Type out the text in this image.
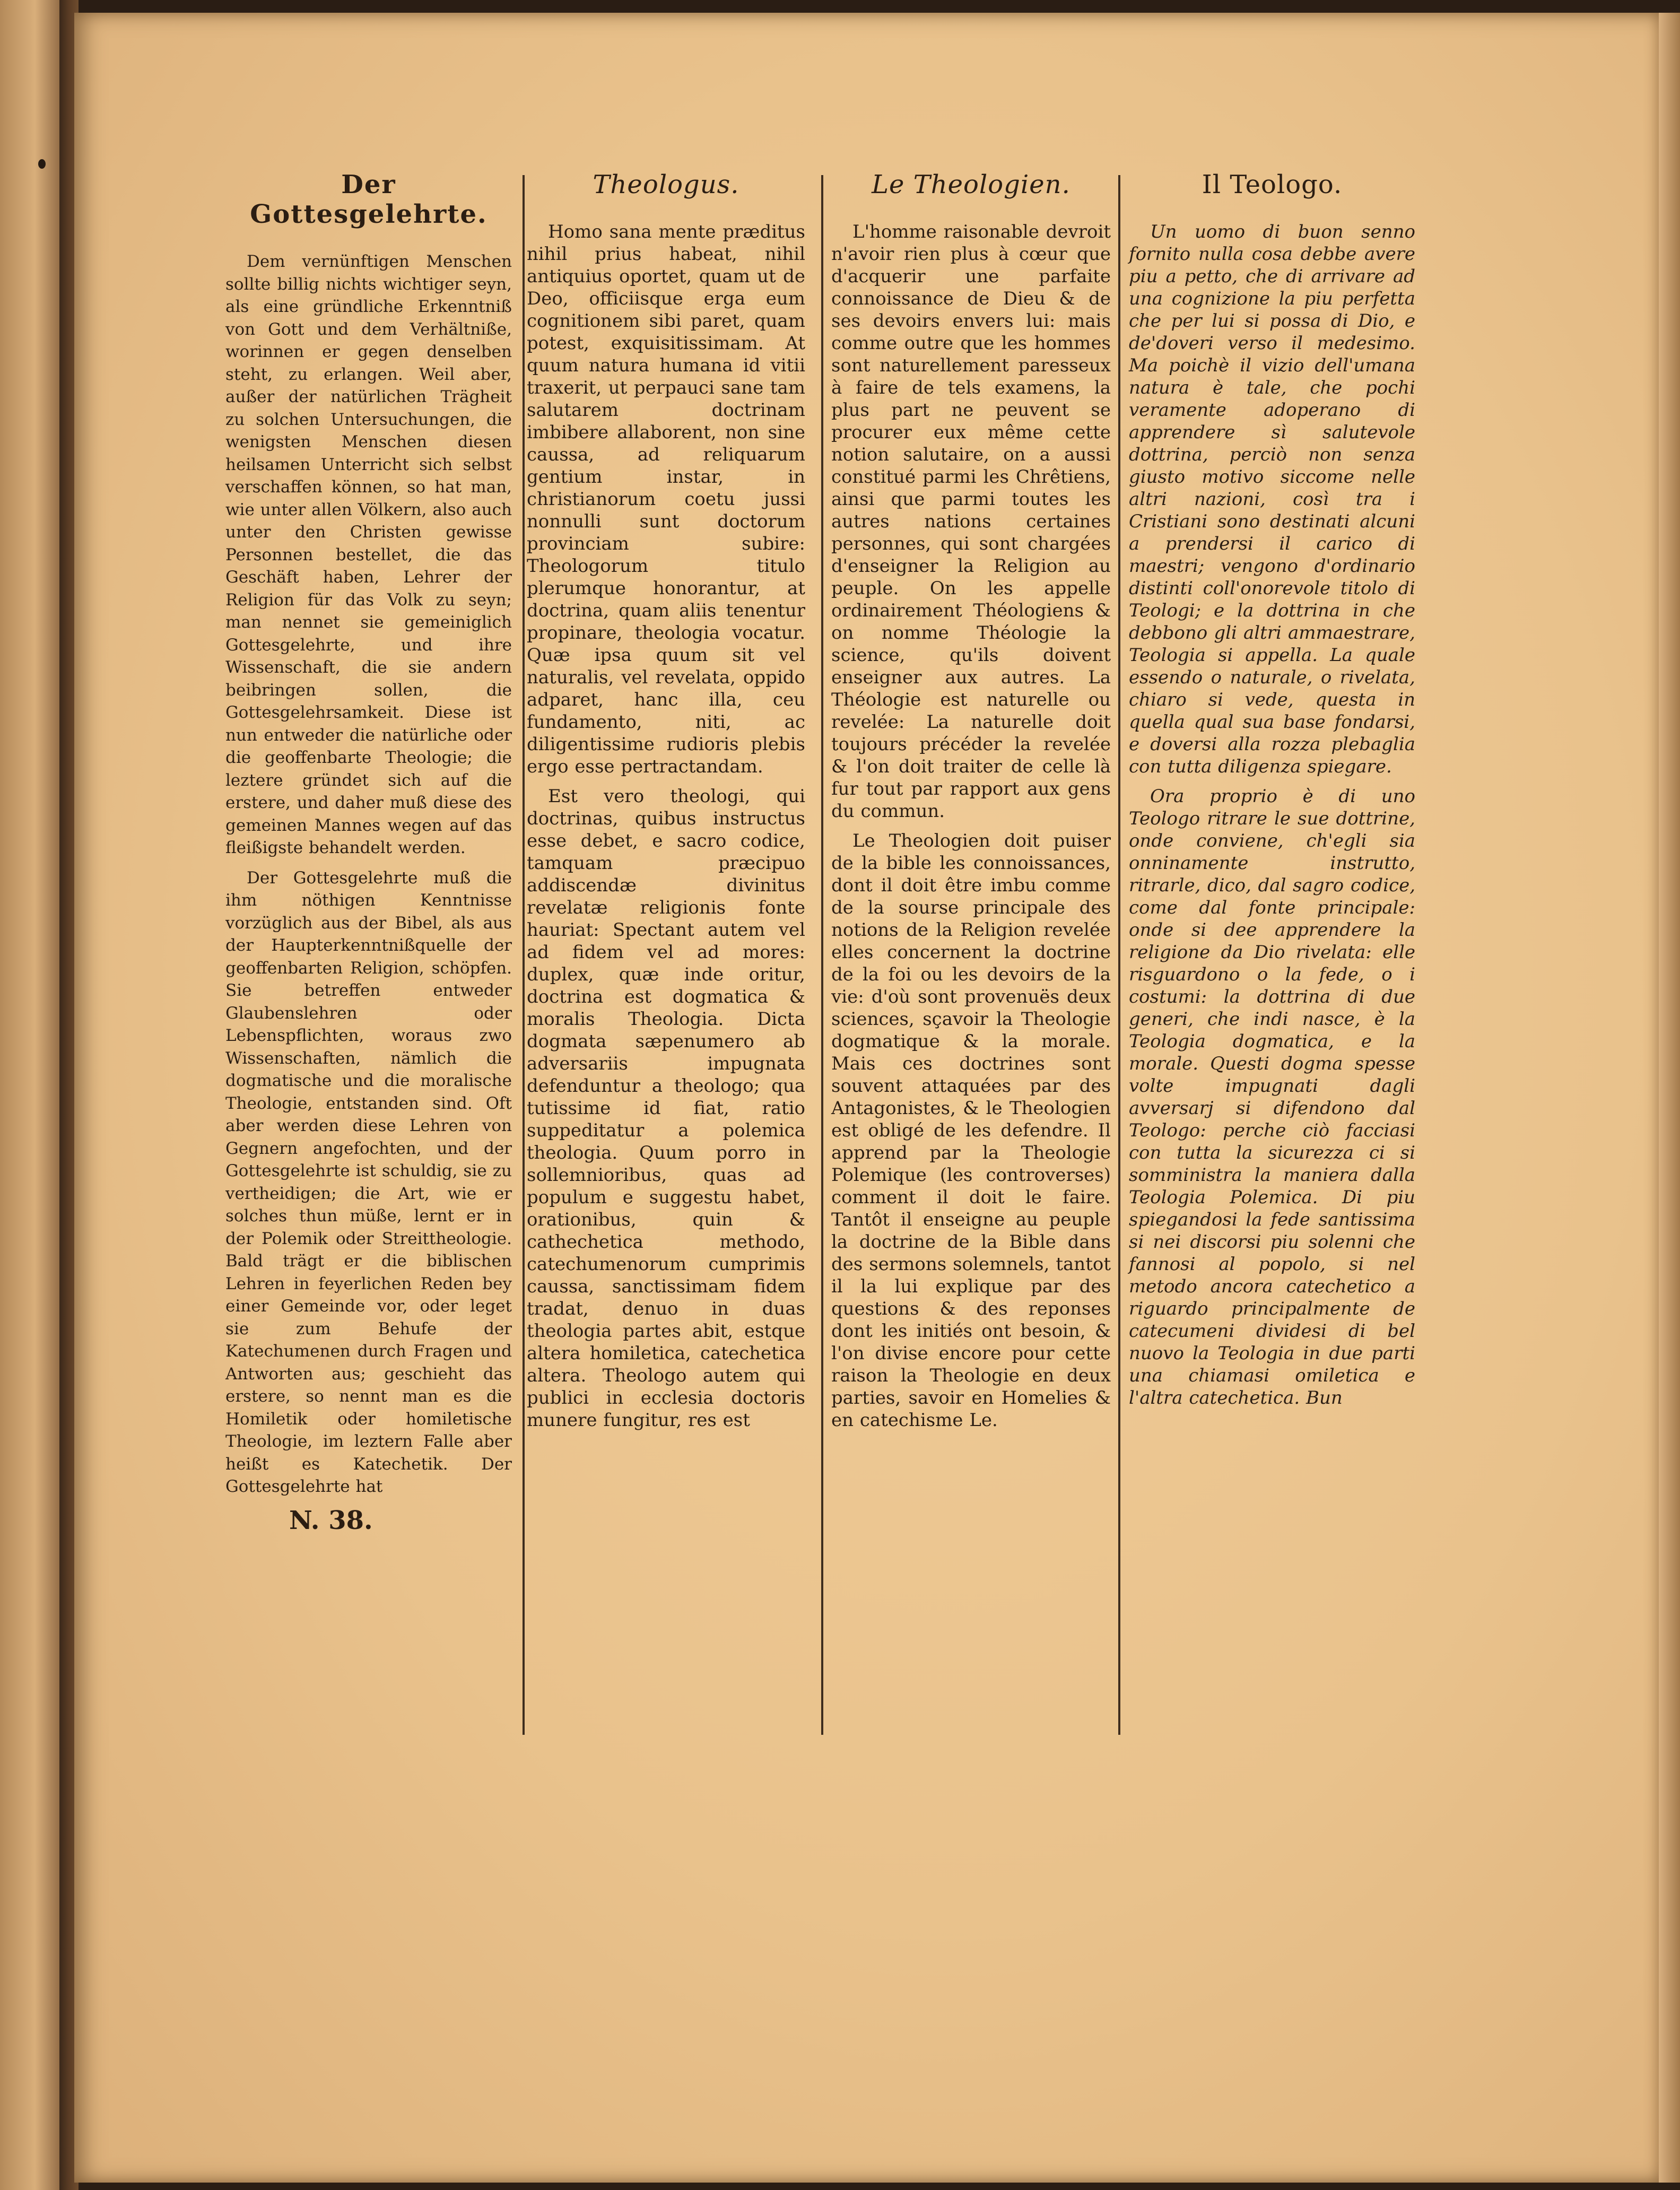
Der Gottesgelehrte.

Dem vernünftigen Menschen sollte billig nichts wichtiger seyn, als eine gründliche Erkenntniß von Gott und dem Verhältniße, worinnen er gegen denselben steht, zu erlangen. Weil aber, außer der natürlichen Trägheit zu solchen Untersuchungen, die wenigsten Menschen diesen heilsamen Unterricht sich selbst verschaffen können, so hat man, wie unter allen Völkern, also auch unter den Christen gewisse Personnen bestellet, die das Geschäft haben, Lehrer der Religion für das Volk zu seyn; man nennet sie gemeiniglich Gottesgelehrte, und ihre Wissenschaft, die sie andern beibringen sollen, die Gottesgelehrsamkeit. Diese ist nun entweder die natürliche oder die geoffenbarte Theologie; die leztere gründet sich auf die erstere, und daher muß diese des gemeinen Mannes wegen auf das fleißigste behandelt werden.

Der Gottesgelehrte muß die ihm nöthigen Kenntnisse vorzüglich aus der Bibel, als aus der Haupterkenntnißquelle der geoffenbarten Religion, schöpfen. Sie betreffen entweder Glaubenslehren oder Lebenspflichten, woraus zwo Wissenschaften, nämlich die dogmatische und die moralische Theologie, entstanden sind. Oft aber werden diese Lehren von Gegnern angefochten, und der Gottesgelehrte ist schuldig, sie zu vertheidigen; die Art, wie er solches thun müße, lernt er in der Polemik oder Streittheologie. Bald trägt er die biblischen Lehren in feyerlichen Reden bey einer Gemeinde vor, oder leget sie zum Behufe der Katechumenen durch Fragen und Antworten aus; geschieht das erstere, so nennt man es die Homiletik oder homiletische Theologie, im leztern Falle aber heißt es Katechetik. Der Gottesgelehrte hat

N. 38.
Theologus.

Homo sana mente præditus nihil prius habeat, nihil antiquius oportet, quam ut de Deo, officiisque erga eum cognitionem sibi paret, quam potest, exquisitissimam. At quum natura humana id vitii traxerit, ut perpauci sane tam salutarem doctrinam imbibere allaborent, non sine caussa, ad reliquarum gentium instar, in christianorum coetu jussi nonnulli sunt doctorum provinciam subire: Theologorum titulo plerumque honorantur, at doctrina, quam aliis tenentur propinare, theologia vocatur. Quæ ipsa quum sit vel naturalis, vel revelata, oppido adparet, hanc illa, ceu fundamento, niti, ac diligentissime rudioris plebis ergo esse pertractandam.

Est vero theologi, qui doctrinas, quibus instructus esse debet, e sacro codice, tamquam præcipuo addiscendæ divinitus revelatæ religionis fonte hauriat: Spectant autem vel ad fidem vel ad mores: duplex, quæ inde oritur, doctrina est dogmatica & moralis Theologia. Dicta dogmata sæpenumero ab adversariis impugnata defenduntur a theologo; qua tutissime id fiat, ratio suppeditatur a polemica theologia. Quum porro in sollemnioribus, quas ad populum e suggestu habet, orationibus, quin & cathechetica methodo, catechumenorum cumprimis caussa, sanctissimam fidem tradat, denuo in duas theologia partes abit, estque altera homiletica, catechetica altera. Theologo autem qui publici in ecclesia doctoris munere fungitur, res est

Le Theologien.

L'homme raisonable devroit n'avoir rien plus à cœur que d'acquerir une parfaite connoissance de Dieu & de ses devoirs envers lui: mais comme outre que les hommes sont naturellement paresseux à faire de tels examens, la plus part ne peuvent se procurer eux même cette notion salutaire, on a aussi constitué parmi les Chrêtiens, ainsi que parmi toutes les autres nations certaines personnes, qui sont chargées d'enseigner la Religion au peuple. On les appelle ordinairement Théologiens & on nomme Théologie la science, qu'ils doivent enseigner aux autres. La Théologie est naturelle ou revelée: La naturelle doit toujours précéder la revelée & l'on doit traiter de celle là fur tout par rapport aux gens du commun.

Le Theologien doit puiser de la bible les connoissances, dont il doit être imbu comme de la sourse principale des notions de la Religion revelée elles concernent la doctrine de la foi ou les devoirs de la vie: d'où sont provenuës deux sciences, sçavoir la Theologie dogmatique & la morale. Mais ces doctrines sont souvent attaquées par des Antagonistes, & le Theologien est obligé de les defendre. Il apprend par la Theologie Polemique (les controverses) comment il doit le faire. Tantôt il enseigne au peuple la doctrine de la Bible dans des sermons solemnels, tantot il la lui explique par des questions & des reponses dont les initiés ont besoin, & l'on divise encore pour cette raison la Theologie en deux parties, savoir en Homelies & en catechisme Le.

Il Teologo.

Un uomo di buon senno fornito nulla cosa debbe avere piu a petto, che di arrivare ad una cognizione la piu perfetta che per lui si possa di Dio, e de'doveri verso il medesimo. Ma poichè il vizio dell'umana natura è tale, che pochi veramente adoperano di apprendere sì salutevole dottrina, perciò non senza giusto motivo siccome nelle altri nazioni, così tra i Cristiani sono destinati alcuni a prendersi il carico di maestri; vengono d'ordinario distinti coll'onorevole titolo di Teologi; e la dottrina in che debbono gli altri ammaestrare, Teologia si appella. La quale essendo o naturale, o rivelata, chiaro si vede, questa in quella qual sua base fondarsi, e doversi alla rozza plebaglia con tutta diligenza spiegare.

Ora proprio è di uno Teologo ritrare le sue dottrine, onde conviene, ch'egli sia onninamente instrutto, ritrarle, dico, dal sagro codice, come dal fonte principale: onde si dee apprendere la religione da Dio rivelata: elle risguardono o la fede, o i costumi: la dottrina di due generi, che indi nasce, è la Teologia dogmatica, e la morale. Questi dogma spesse volte impugnati dagli avversarj si difendono dal Teologo: perche ciò facciasi con tutta la sicurezza ci si somministra la maniera dalla Teologia Polemica. Di piu spiegandosi la fede santissima si nei discorsi piu solenni che fannosi al popolo, si nel metodo ancora catechetico a riguardo principalmente de catecumeni dividesi di bel nuovo la Teologia in due parti una chiamasi omiletica e l'altra catechetica. Bun
